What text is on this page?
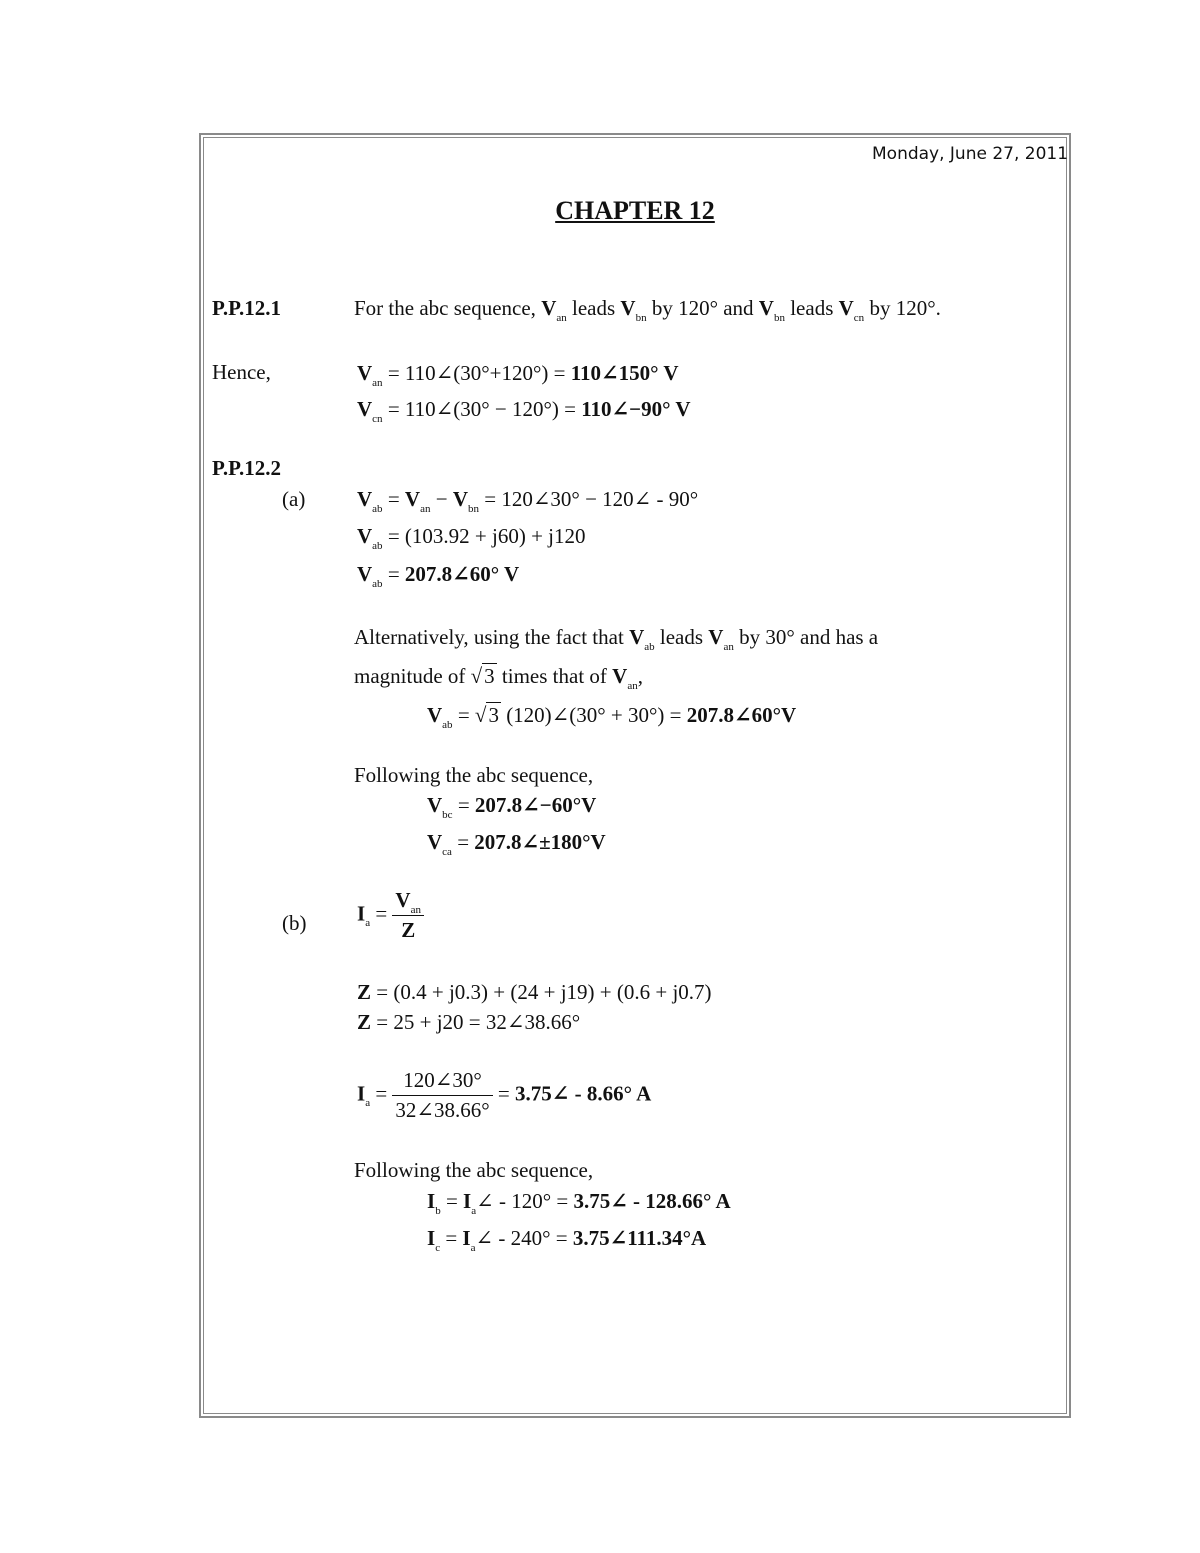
Monday, June 27, 2011
CHAPTER 12
P.P.12.1	For the abc sequence, $V_{an}$ leads $V_{bn}$ by 120° and $V_{bn}$ leads $V_{cn}$ by 120°.
Hence,	$V_{an}$ = 110∠(30°+120°) = 110∠150° V
$V_{cn}$ = 110∠(30° − 120°) = 110∠−90° V
P.P.12.2
(a) $V_{ab} = V_{an} - V_{bn}$ = 120∠30° − 120∠ - 90°
$V_{ab} = (103.92 + j60) + j120$
$V_{ab}$ = 207.8∠60° V
Alternatively, using the fact that $V_{ab}$ leads $V_{an}$ by 30° and has a
magnitude of √3 times that of $V_{an}$,
$V_{ab} = √3$ (120)∠(30° + 30°) = 207.8∠60°V
Following the abc sequence,
$V_{bc}$ = 207.8∠−60°V
$V_{ca}$ = 207.8∠±180°V
(b) $I_a = \frac{V_{an}}{Z}$
Z = (0.4 + j0.3) + (24 + j19) + (0.6 + j0.7)
Z = 25 + j20 = 32∠38.66°
$I_a = \frac{120\angle 30^\circ}{32\angle 38.66^\circ}$ = 3.75∠ - 8.66° A
Following the abc sequence,
$I_b$ = $I_a\angle - 120^\circ$ = 3.75∠ - 128.66° A
$I_c$ = $I_a\angle - 240^\circ$ = 3.75∠111.34°A
